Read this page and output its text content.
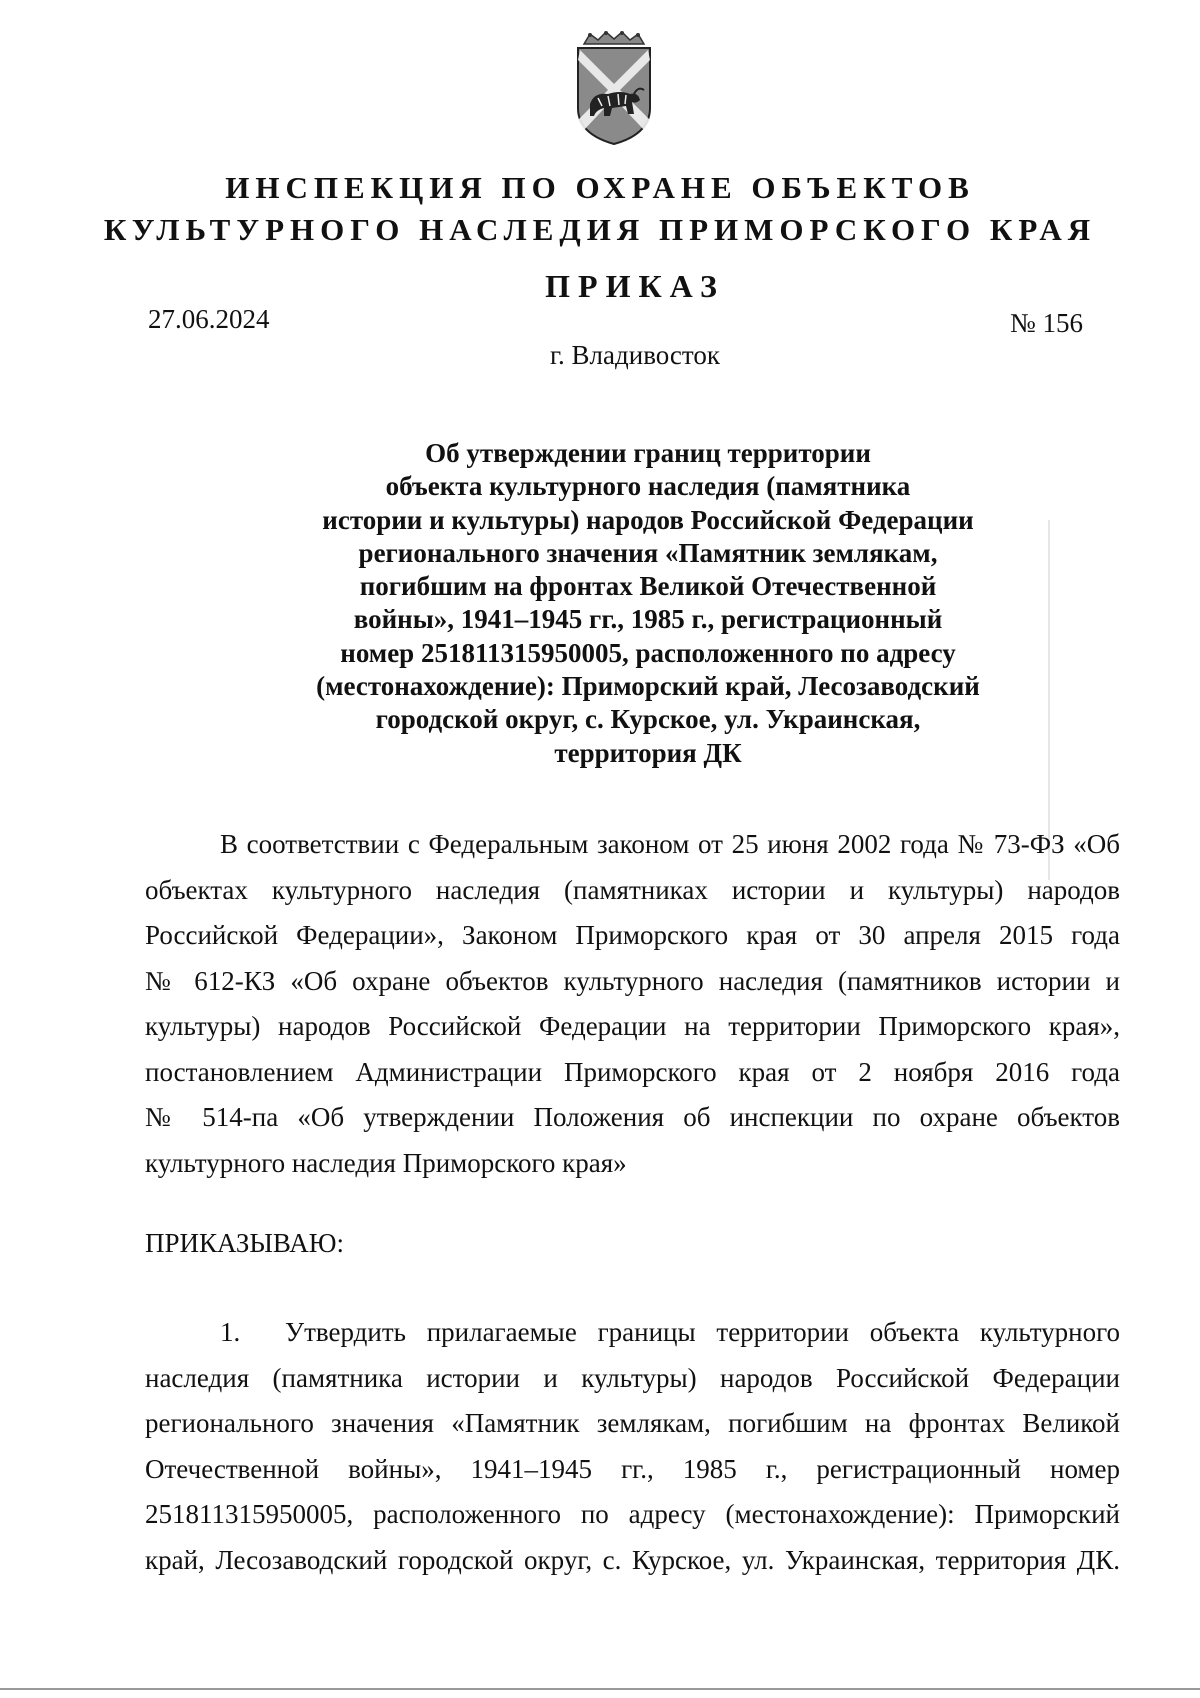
ИНСПЕКЦИЯ ПО ОХРАНЕ ОБЪЕКТОВ
КУЛЬТУРНОГО НАСЛЕДИЯ ПРИМОРСКОГО КРАЯ
ПРИКАЗ
27.06.2024	№ 156
г. Владивосток
Об утверждении границ территории
объекта культурного наследия (памятника
истории и культуры) народов Российской Федерации
регионального значения «Памятник землякам,
погибшим на фронтах Великой Отечественной
войны», 1941–1945 гг., 1985 г., регистрационный
номер 251811315950005, расположенного по адресу
(местонахождение): Приморский край, Лесозаводский
городской округ, с. Курское, ул. Украинская,
территория ДК
В соответствии с Федеральным законом от 25 июня 2002 года № 73-ФЗ «Об
объектах культурного наследия (памятниках истории и культуры) народов
Российской Федерации», Законом Приморского края от 30 апреля 2015 года
№ 612-КЗ «Об охране объектов культурного наследия (памятников истории и
культуры) народов Российской Федерации на территории Приморского края»,
постановлением Администрации Приморского края от 2 ноября 2016 года
№ 514-па «Об утверждении Положения об инспекции по охране объектов
культурного наследия Приморского края»
ПРИКАЗЫВАЮ:
1. Утвердить прилагаемые границы территории объекта культурного
наследия (памятника истории и культуры) народов Российской Федерации
регионального значения «Памятник землякам, погибшим на фронтах Великой
Отечественной войны», 1941–1945 гг., 1985 г., регистрационный номер
251811315950005, расположенного по адресу (местонахождение): Приморский
край, Лесозаводский городской округ, с. Курское, ул. Украинская, территория ДК.
